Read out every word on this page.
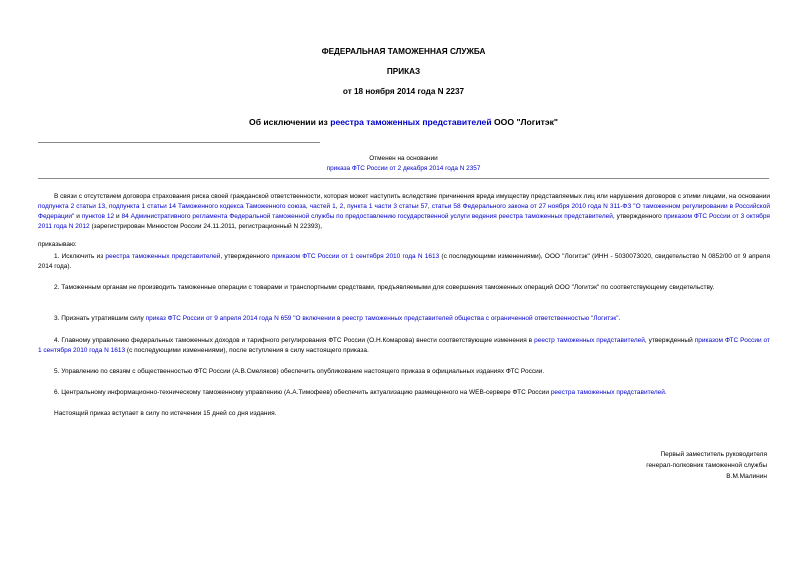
ФЕДЕРАЛЬНАЯ ТАМОЖЕННАЯ СЛУЖБА
ПРИКАЗ
от 18 ноября 2014 года N 2237
Об исключении из реестра таможенных представителей ООО "Логитэк"
Отменен на основании
приказа ФТС России от 2 декабря 2014 года N 2357
В связи с отсутствием договора страхования риска своей гражданской ответственности, которая может наступить вследствие причинения вреда имуществу представляемых лиц или нарушения договоров с этими лицами, на основании подпункта 2 статьи 13, подпункта 1 статьи 14 Таможенного кодекса Таможенного союза, частей 1, 2, пункта 1 части 3 статьи 57, статьи 58 Федерального закона от 27 ноября 2010 года N 311-ФЗ "О таможенном регулировании в Российской Федерации" и пунктов 12 и 84 Административного регламента Федеральной таможенной службы по предоставлению государственной услуги ведения реестра таможенных представителей, утвержденного приказом ФТС России от 3 октября 2011 года N 2012 (зарегистрирован Минюстом России 24.11.2011, регистрационный N 22393),
приказываю:
1. Исключить из реестра таможенных представителей, утвержденного приказом ФТС России от 1 сентября 2010 года N 1613 (с последующими изменениями), ООО "Логитэк" (ИНН - 5030073020, свидетельство N 0852/00 от 9 апреля 2014 года).
2. Таможенным органам не производить таможенные операции с товарами и транспортными средствами, предъявляемыми для совершения таможенных операций ООО "Логитэк" по соответствующему свидетельству.
3. Признать утратившим силу приказ ФТС России от 9 апреля 2014 года N 659 "О включении в реестр таможенных представителей общества с ограниченной ответственностью "Логитэк".
4. Главному управлению федеральных таможенных доходов и тарифного регулирования ФТС России (О.Н.Комарова) внести соответствующие изменения в реестр таможенных представителей, утвержденный приказом ФТС России от 1 сентября 2010 года N 1613 (с последующими изменениями), после вступления в силу настоящего приказа.
5. Управлению по связям с общественностью ФТС России (А.В.Смеляков) обеспечить опубликование настоящего приказа в официальных изданиях ФТС России.
6. Центральному информационно-техническому таможенному управлению (А.А.Тимофеев) обеспечить актуализацию размещенного на WEB-сервере ФТС России реестра таможенных представителей.
Настоящий приказ вступает в силу по истечении 15 дней со дня издания.
Первый заместитель руководителя
генерал-полковник таможенной службы
В.М.Малинин
